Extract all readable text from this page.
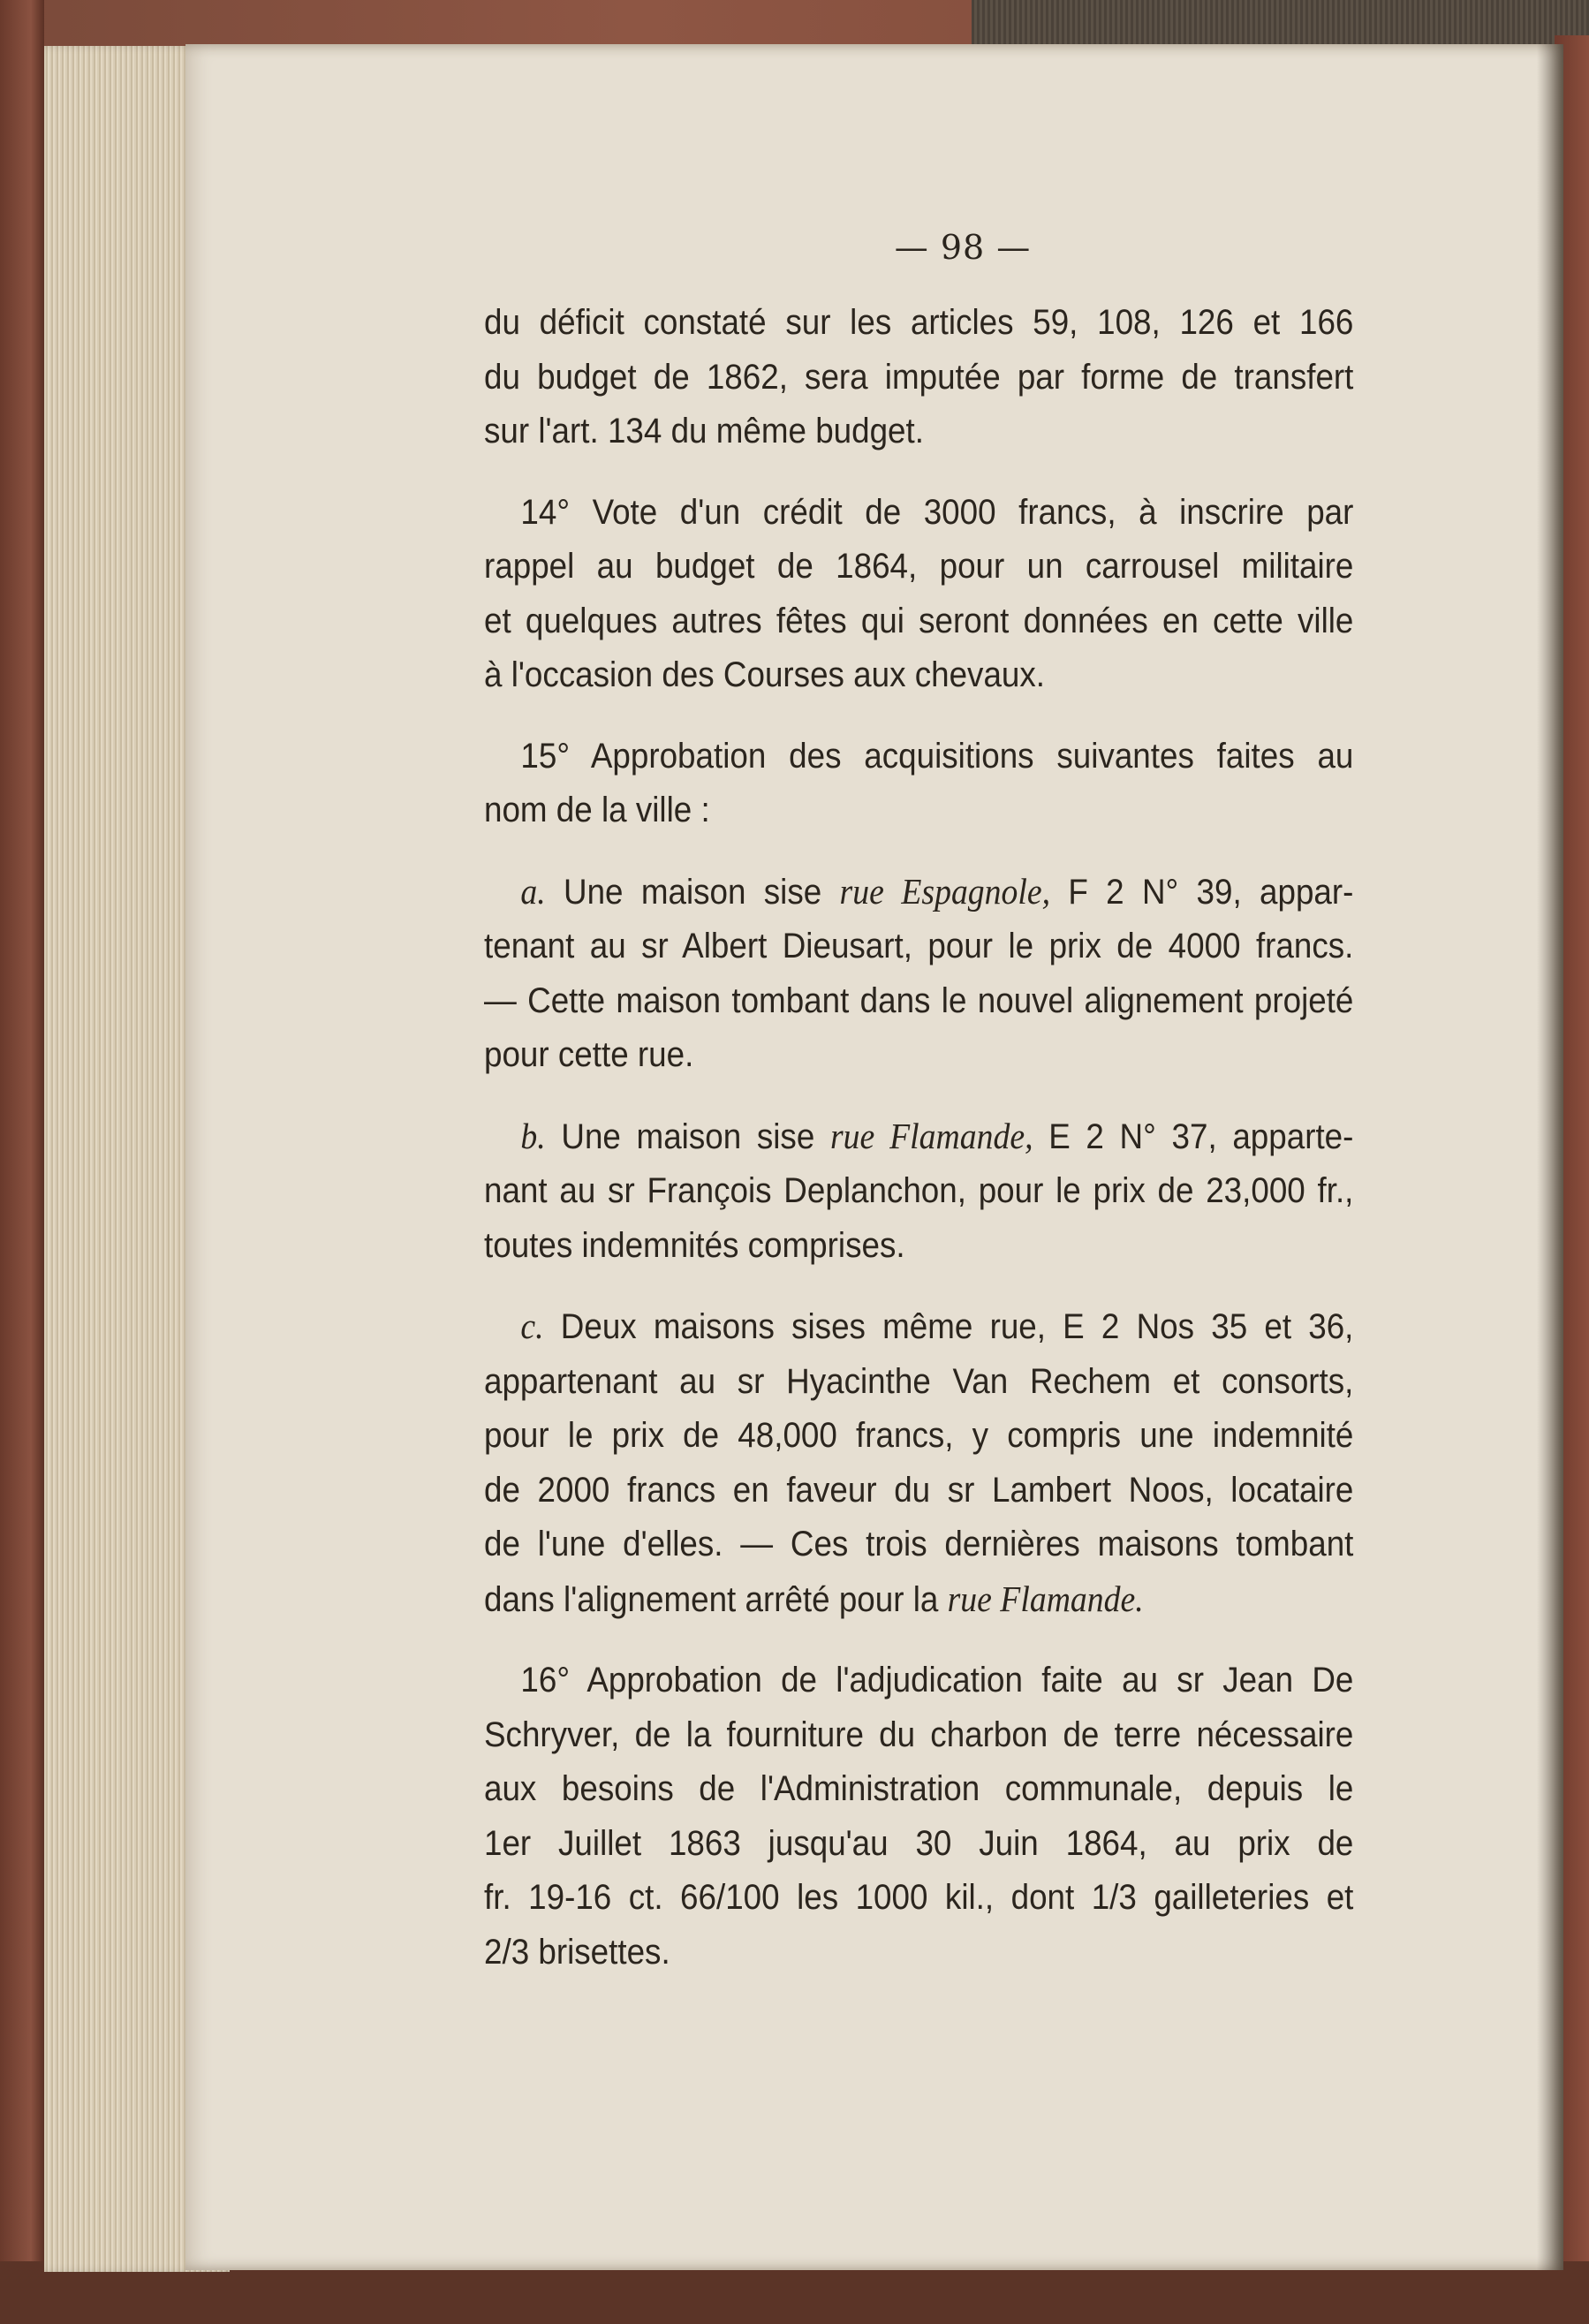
— 98 —
du déficit constaté sur les articles 59, 108, 126 et 166
du budget de 1862, sera imputée par forme de transfert
sur l'art. 134 du même budget.
14° Vote d'un crédit de 3000 francs, à inscrire par
rappel au budget de 1864, pour un carrousel militaire
et quelques autres fêtes qui seront données en cette ville
à l'occasion des Courses aux chevaux.
15° Approbation des acquisitions suivantes faites au
nom de la ville :
a. Une maison sise rue Espagnole, F 2 N° 39, appar-
tenant au sr Albert Dieusart, pour le prix de 4000 francs.
— Cette maison tombant dans le nouvel alignement projeté
pour cette rue.
b. Une maison sise rue Flamande, E 2 N° 37, apparte-
nant au sr François Deplanchon, pour le prix de 23,000 fr.,
toutes indemnités comprises.
c. Deux maisons sises même rue, E 2 Nos 35 et 36,
appartenant au sr Hyacinthe Van Rechem et consorts,
pour le prix de 48,000 francs, y compris une indemnité
de 2000 francs en faveur du sr Lambert Noos, locataire
de l'une d'elles. — Ces trois dernières maisons tombant
dans l'alignement arrêté pour la rue Flamande.
16° Approbation de l'adjudication faite au sr Jean De
Schryver, de la fourniture du charbon de terre nécessaire
aux besoins de l'Administration communale, depuis le
1er Juillet 1863 jusqu'au 30 Juin 1864, au prix de
fr. 19-16 ct. 66/100 les 1000 kil., dont 1/3 gailleteries et
2/3 brisettes.
